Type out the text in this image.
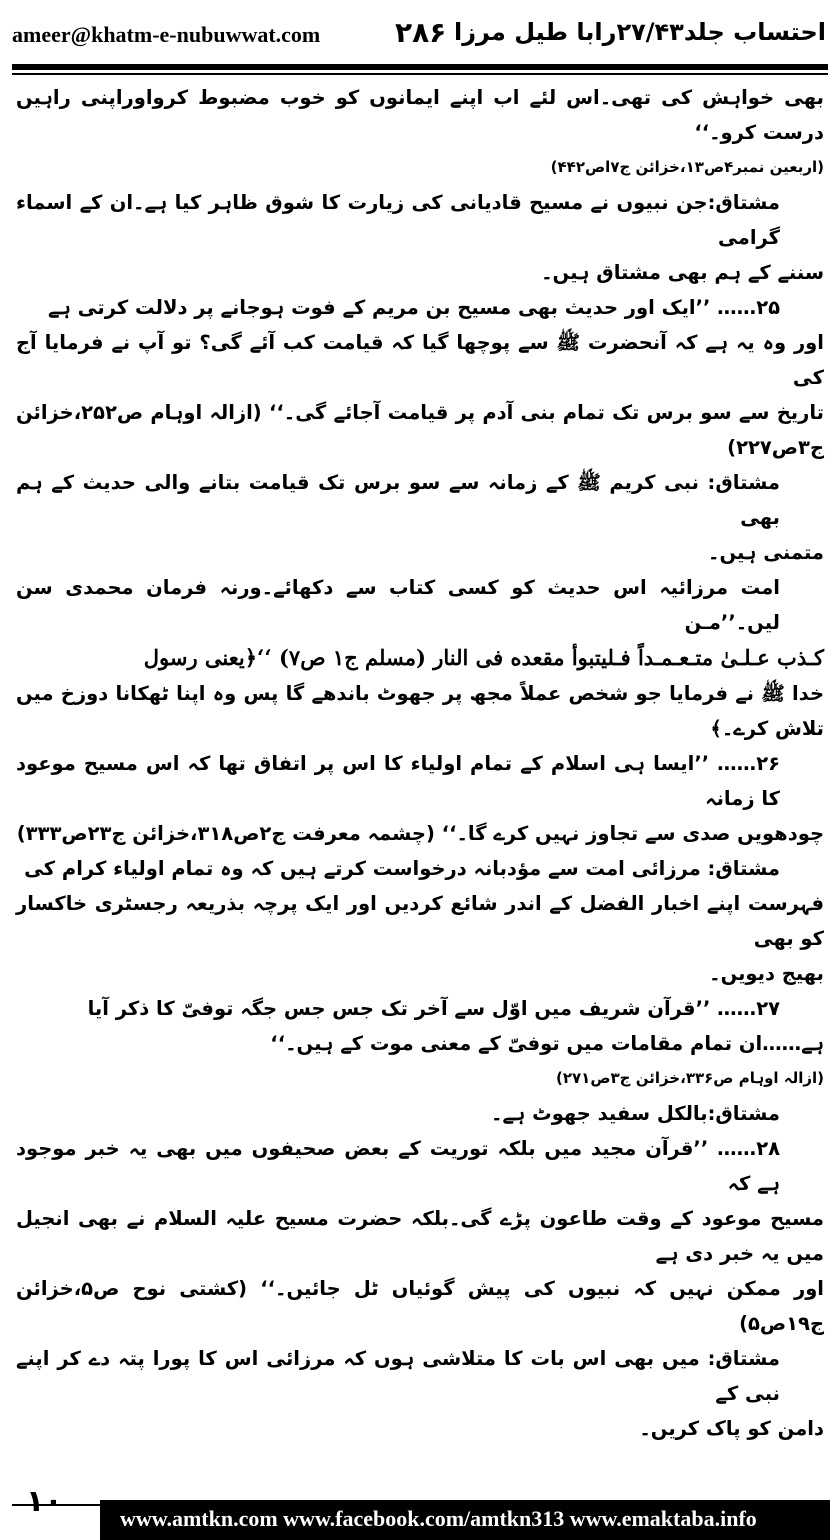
ameer@khatm-e-nubuwwat.com	۲۸۶ احتساب جلد۲۷/۴۳رابا طیل مرزا

بھی خواہش کی تھی۔اس لئے اب اپنے ایمانوں کو خوب مضبوط کرواوراپنی راہیں درست کرو۔‘‘

(اربعین نمبر۴ص۱۳،خزائن ج۷اص۴۴۲)

مشتاق:جن نبیوں نے مسیح قادیانی کی زیارت کا شوق ظاہر کیا ہے۔ان کے اسماء گرامی

سننے کے ہم بھی مشتاق ہیں۔

۲۵…… ’’ایک اور حدیث بھی مسیح بن مریم کے فوت ہوجانے پر دلالت کرتی ہے

اور وہ یہ ہے کہ آنحضرت ﷺ سے پوچھا گیا کہ قیامت کب آئے گی؟ تو آپ نے فرمایا آج کی

تاریخ سے سو برس تک تمام بنی آدم پر قیامت آجائے گی۔‘‘ (ازالہ اوہام ص۲۵۲،خزائن ج۳ص۲۲۷)

مشتاق: نبی کریم ﷺ کے زمانہ سے سو برس تک قیامت بتانے والی حدیث کے ہم بھی

متمنی ہیں۔

امت مرزائیہ اس حدیث کو کسی کتاب سے دکھائے۔ورنہ فرمان محمدی سن لیں۔’’مـن

کـذب عـلـیٰ متـعـمـداً فـلیتبوأ مقعده فی النار (مسلم ج۱ ص۷) ‘‘﴿یعنی رسول

خدا ﷺ نے فرمایا جو شخص عملاً مجھ پر جھوٹ باندھے گا پس وہ اپنا ٹھکانا دوزخ میں تلاش کرے۔﴾

۲۶…… ’’ایسا ہی اسلام کے تمام اولیاء کا اس پر اتفاق تھا کہ اس مسیح موعود کا زمانہ

چودھویں صدی سے تجاوز نہیں کرے گا۔‘‘ (چشمہ معرفت ج۲ص۳۱۸،خزائن ج۲۳ص۳۳۳)

مشتاق: مرزائی امت سے مؤدبانہ درخواست کرتے ہیں کہ وہ تمام اولیاء کرام کی

فہرست اپنے اخبار الفضل کے اندر شائع کردیں اور ایک پرچہ بذریعہ رجسٹری خاکسار کو بھی

بھیج دیویں۔

۲۷…… ’’قرآن شریف میں اوّل سے آخر تک جس جس جگہ توفیّ کا ذکر آیا

ہے……ان تمام مقامات میں توفیّ کے معنی موت کے ہیں۔‘‘

(ازالہ اوہام ص۳۳۶،خزائن ج۳ص۲۷۱)

مشتاق:بالکل سفید جھوٹ ہے۔

۲۸…… ’’قرآن مجید میں بلکہ توریت کے بعض صحیفوں میں بھی یہ خبر موجود ہے کہ

مسیح موعود کے وقت طاعون پڑے گی۔بلکہ حضرت مسیح علیہ السلام نے بھی انجیل میں یہ خبر دی ہے

اور ممکن نہیں کہ نبیوں کی پیش گوئیاں ٹل جائیں۔‘‘ (کشتی نوح ص۵،خزائن ج۱۹ص۵)

مشتاق: میں بھی اس بات کا متلاشی ہوں کہ مرزائی اس کا پورا پتہ دے کر اپنے نبی کے

دامن کو پاک کریں۔

۱۰	www.amtkn.com www.facebook.com/amtkn313 www.emaktaba.info
